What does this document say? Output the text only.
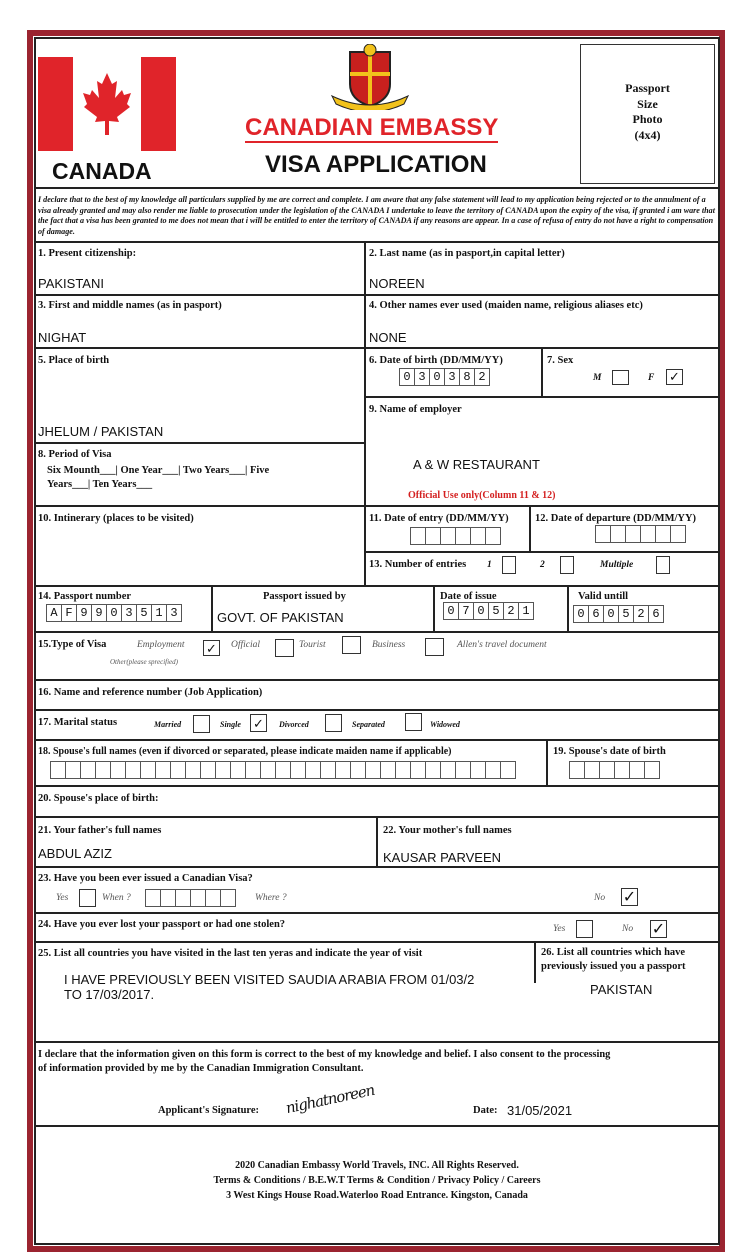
CANADA
CANADIAN EMBASSY
VISA APPLICATION
Passport
Size
Photo
(4x4)
I declare that to the best of my knowledge all particulars supplied by me are correct and complete. I am aware that any false statement will lead to my application being rejected or to the annulment of a visa already granted and may also render me liable to prosecution under the legislation of the CANADA I undertake to leave the territory of CANADA upon the expiry of the visa, if granted i am ware that the fact that a visa has been granted to me does not mean that i will be entitled to enter the territory of CANADA if any reasons are appear. In a case of refusa of entry do not have a right to compensation of damage.
1. Present citizenship:
PAKISTANI
2. Last name (as in pasport,in capital letter)
NOREEN
3. First and middle names (as in pasport)
NIGHAT
4. Other names ever used (maiden name, religious aliases etc)
NONE
5. Place of birth
JHELUM / PAKISTAN
6. Date of birth (DD/MM/YY)
0 3 0 3 8 2
7. Sex
M	F ✓
9. Name of employer
A & W RESTAURANT
Official Use only(Column 11 & 12)
8. Period of Visa
Six Mounth___| One Year___| Two Years___| Five
Years___| Ten Years___
10. Intinerary (places to be visited)	11. Date of entry (DD/MM/YY)	12. Date of departure (DD/MM/YY)
13. Number of entries 1	2	Multiple
14. Passport number
A F 9 9 0 3 5 1 3
Passport issued by
GOVT. OF PAKISTAN
Date of issue
0 7 0 5 2 1
Valid untill
0 6 0 5 2 6
15.Type of Visa	Employment ✓	Official	Tourist	Business	Allen's travel document
Other(please sprecified)
16. Name and reference number (Job Application)
17. Marital status	Married	Single ✓	Divorced	Separated	Widowed
18. Spouse's full names (even if divorced or separated, please indicate maiden name if applicable)	19. Spouse's date of birth
20. Spouse's place of birth:
21. Your father's full names
ABDUL AZIZ
22. Your mother's full names
KAUSAR PARVEEN
23. Have you been ever issued a Canadian Visa?
Yes	When ?	Where ?	No ✓
24. Have you ever lost your passport or had one stolen?	Yes	No ✓
25. List all countries you have visited in the last ten yeras and indicate the year of visit
I HAVE PREVIOUSLY BEEN VISITED SAUDIA ARABIA FROM 01/03/2
TO 17/03/2017.
26. List all countries which have
previously issued you a passport
PAKISTAN
I declare that the information given on this form is correct to the best of my knowledge and belief. I also consent to the processing
of information provided by me by the Canadian Immigration Consultant.
Applicant's Signature: nighatnoreen	Date: 31/05/2021
2020 Canadian Embassy World Travels, INC. All Rights Reserved.
Terms & Conditions / B.E.W.T Terms & Condition / Privacy Policy / Careers
3 West Kings House Road.Waterloo Road Entrance. Kingston, Canada
